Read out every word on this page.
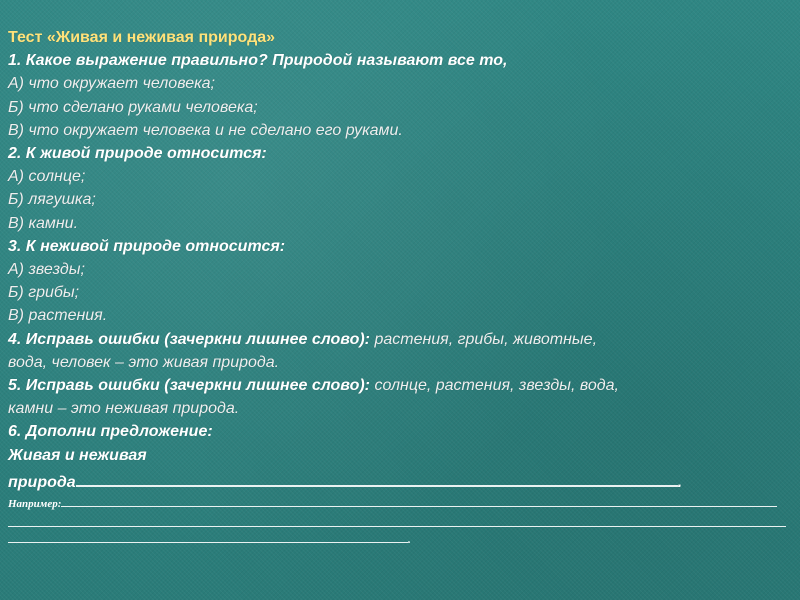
Тест «Живая и неживая природа»
1. Какое выражение правильно? Природой называют все то,
А) что окружает человека;
Б) что сделано руками человека;
В) что окружает человека и не сделано его руками.
2. К живой природе относится:
А) солнце;
Б) лягушка;
В) камни.
3. К неживой природе относится:
А) звезды;
Б) грибы;
В) растения.
4. Исправь ошибки (зачеркни лишнее слово): растения, грибы, животные,
вода, человек – это живая природа.
5. Исправь ошибки (зачеркни лишнее слово): солнце, растения, звезды, вода,
камни – это неживая природа.
6. Дополни предложение:
Живая и неживая
природа	.
Например:
.
